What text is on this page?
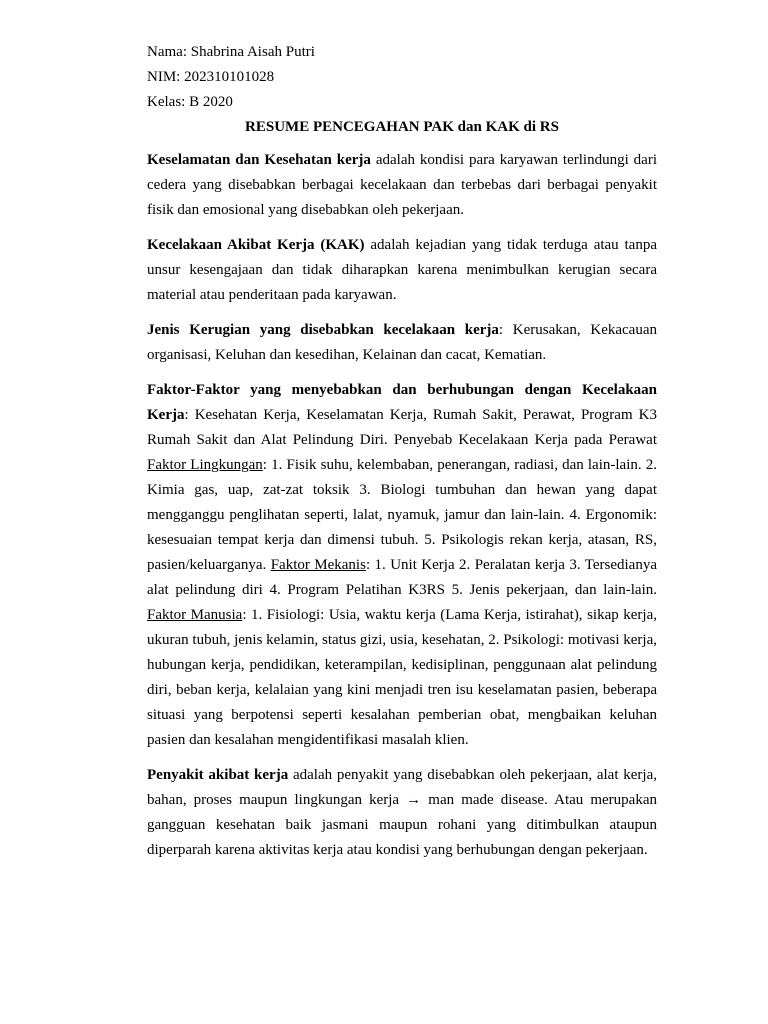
Nama: Shabrina Aisah Putri
NIM: 202310101028
Kelas: B 2020
RESUME PENCEGAHAN PAK dan KAK di RS

Keselamatan dan Kesehatan kerja adalah kondisi para karyawan terlindungi dari cedera yang disebabkan berbagai kecelakaan dan terbebas dari berbagai penyakit fisik dan emosional yang disebabkan oleh pekerjaan.

Kecelakaan Akibat Kerja (KAK) adalah kejadian yang tidak terduga atau tanpa unsur kesengajaan dan tidak diharapkan karena menimbulkan kerugian secara material atau penderitaan pada karyawan.

Jenis Kerugian yang disebabkan kecelakaan kerja: Kerusakan, Kekacauan organisasi, Keluhan dan kesedihan, Kelainan dan cacat, Kematian.

Faktor-Faktor yang menyebabkan dan berhubungan dengan Kecelakaan Kerja: Kesehatan Kerja, Keselamatan Kerja, Rumah Sakit, Perawat, Program K3 Rumah Sakit dan Alat Pelindung Diri. Penyebab Kecelakaan Kerja pada Perawat Faktor Lingkungan: 1. Fisik suhu, kelembaban, penerangan, radiasi, dan lain-lain. 2. Kimia gas, uap, zat-zat toksik 3. Biologi tumbuhan dan hewan yang dapat mengganggu penglihatan seperti, lalat, nyamuk, jamur dan lain-lain. 4. Ergonomik: kesesuaian tempat kerja dan dimensi tubuh. 5. Psikologis rekan kerja, atasan, RS, pasien/keluarganya. Faktor Mekanis: 1. Unit Kerja 2. Peralatan kerja 3. Tersedianya alat pelindung diri 4. Program Pelatihan K3RS 5. Jenis pekerjaan, dan lain-lain. Faktor Manusia: 1. Fisiologi: Usia, waktu kerja (Lama Kerja, istirahat), sikap kerja, ukuran tubuh, jenis kelamin, status gizi, usia, kesehatan, 2. Psikologi: motivasi kerja, hubungan kerja, pendidikan, keterampilan, kedisiplinan, penggunaan alat pelindung diri, beban kerja, kelalaian yang kini menjadi tren isu keselamatan pasien, beberapa situasi yang berpotensi seperti kesalahan pemberian obat, mengbaikan keluhan pasien dan kesalahan mengidentifikasi masalah klien.

Penyakit akibat kerja adalah penyakit yang disebabkan oleh pekerjaan, alat kerja, bahan, proses maupun lingkungan kerja → man made disease. Atau merupakan gangguan kesehatan baik jasmani maupun rohani yang ditimbulkan ataupun diperparah karena aktivitas kerja atau kondisi yang berhubungan dengan pekerjaan.
